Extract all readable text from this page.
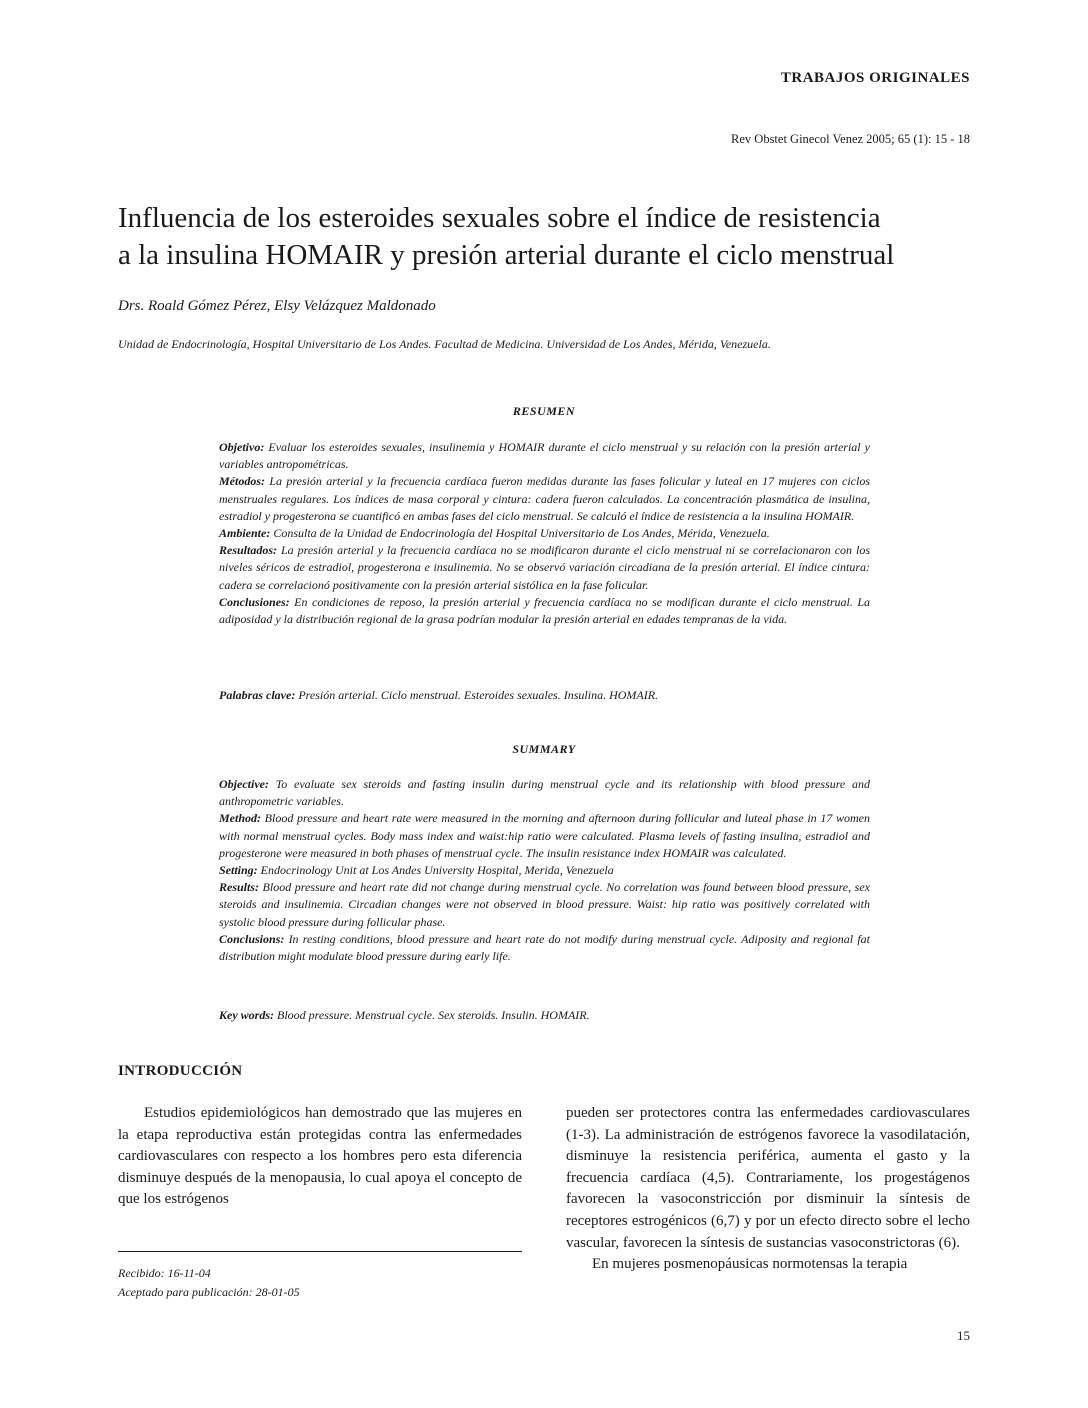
TRABAJOS ORIGINALES
Rev Obstet Ginecol Venez 2005; 65 (1): 15 - 18
Influencia de los esteroides sexuales sobre el índice de resistencia
a la insulina HOMAIR y presión arterial durante el ciclo menstrual
Drs. Roald Gómez Pérez, Elsy Velázquez Maldonado
Unidad de Endocrinología, Hospital Universitario de Los Andes. Facultad de Medicina. Universidad de Los Andes, Mérida, Venezuela.
RESUMEN

Objetivo: Evaluar los esteroides sexuales, insulinemia y HOMAIR durante el ciclo menstrual y su relación con la presión arterial y variables antropométricas.

Métodos: La presión arterial y la frecuencia cardíaca fueron medidas durante las fases folicular y luteal en 17 mujeres con ciclos menstruales regulares. Los índices de masa corporal y cintura: cadera fueron calculados. La concentración plasmática de insulina, estradiol y progesterona se cuantificó en ambas fases del ciclo menstrual. Se calculó el índice de resistencia a la insulina HOMAIR.

Ambiente: Consulta de la Unidad de Endocrinología del Hospital Universitario de Los Andes, Mérida, Venezuela.

Resultados: La presión arterial y la frecuencia cardíaca no se modificaron durante el ciclo menstrual ni se correlacionaron con los niveles séricos de estradiol, progesterona e insulinemia. No se observó variación circadiana de la presión arterial. El índice cintura: cadera se correlacionó positivamente con la presión arterial sistólica en la fase folicular.

Conclusiones: En condiciones de reposo, la presión arterial y frecuencia cardíaca no se modifican durante el ciclo menstrual. La adiposidad y la distribución regional de la grasa podrían modular la presión arterial en edades tempranas de la vida.

Palabras clave: Presión arterial. Ciclo menstrual. Esteroides sexuales. Insulina. HOMAIR.
SUMMARY

Objective: To evaluate sex steroids and fasting insulin during menstrual cycle and its relationship with blood pressure and anthropometric variables.

Method: Blood pressure and heart rate were measured in the morning and afternoon during follicular and luteal phase in 17 women with normal menstrual cycles. Body mass index and waist:hip ratio were calculated. Plasma levels of fasting insulina, estradiol and progesterone were measured in both phases of menstrual cycle. The insulin resistance index HOMAIR was calculated.

Setting: Endocrinology Unit at Los Andes University Hospital, Merida, Venezuela

Results: Blood pressure and heart rate did not change during menstrual cycle. No correlation was found between blood pressure, sex steroids and insulinemia. Circadian changes were not observed in blood pressure. Waist: hip ratio was positively correlated with systolic blood pressure during follicular phase.

Conclusions: In resting conditions, blood pressure and heart rate do not modify during menstrual cycle. Adiposity and regional fat distribution might modulate blood pressure during early life.

Key words: Blood pressure. Menstrual cycle. Sex steroids. Insulin. HOMAIR.
INTRODUCCIÓN

Estudios epidemiológicos han demostrado que las mujeres en la etapa reproductiva están protegidas contra las enfermedades cardiovasculares con respecto a los hombres pero esta diferencia disminuye después de la menopausia, lo cual apoya el concepto de que los estrógenos

pueden ser protectores contra las enfermedades cardiovasculares (1-3). La administración de estrógenos favorece la vasodilatación, disminuye la resistencia periférica, aumenta el gasto y la frecuencia cardíaca (4,5). Contrariamente, los progestágenos favorecen la vasoconstricción por disminuir la síntesis de receptores estrogénicos (6,7) y por un efecto directo sobre el lecho vascular, favorecen la síntesis de sustancias vasoconstrictoras (6).

En mujeres posmenopáusicas normotensas la terapia

Recibido: 16-11-04
Aceptado para publicación: 28-01-05
15
